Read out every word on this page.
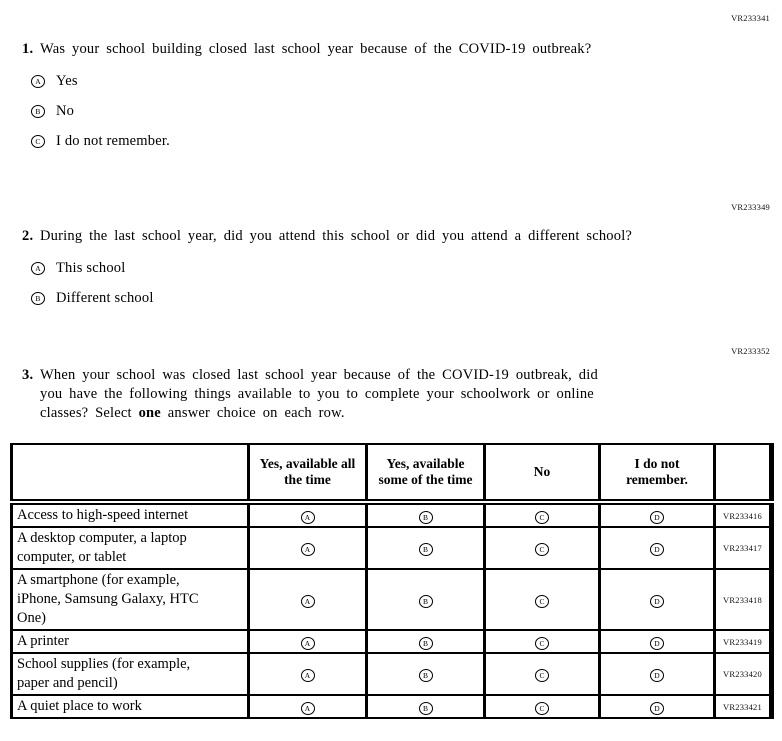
VR233341
1. Was your school building closed last school year because of the COVID-19 outbreak?
A Yes
B	No
C	I do not remember.
VR233349
2. During the last school year, did you attend this school or did you attend a different school?
A This school
B	Different school
VR233352
3. When your school was closed last school year because of the COVID-19 outbreak, did
you have the following things available to you to complete your schoolwork or online
classes? Select one answer choice on each row.
	Yes, available all the time	Yes, available some of the time	No	I do not remember.	
Access to high-speed internet	A	B	C	D	VR233416
A desktop computer, a laptop computer, or tablet	A	B	C	D	VR233417
A smartphone (for example, iPhone, Samsung Galaxy, HTC One)	A	B	C	D	VR233418
A printer	A	B	C	D	VR233419
School supplies (for example, paper and pencil)	A	B	C	D	VR233420
A quiet place to work	A	B	C	D	VR233421
